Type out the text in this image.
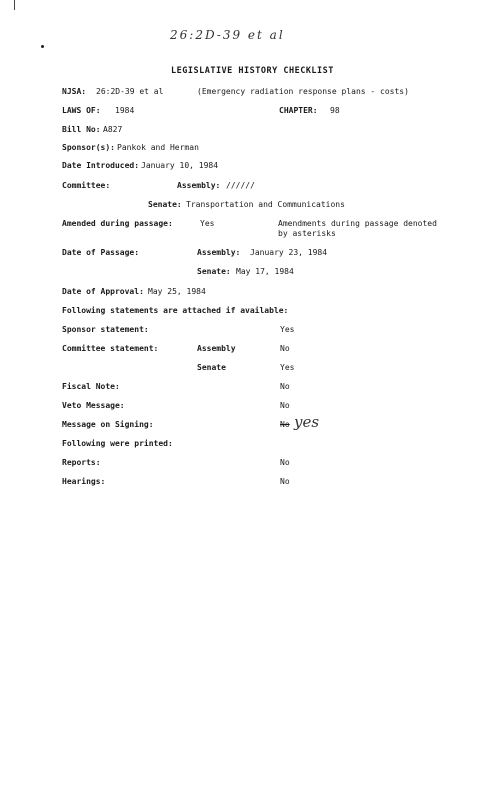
26:2D-39 et al
LEGISLATIVE HISTORY CHECKLIST
NJSA: 26:2D-39 et al	(Emergency radiation response plans - costs)
LAWS OF: 1984	CHAPTER: 98
Bill No: A827
Sponsor(s): Pankok and Herman
Date Introduced: January 10, 1984
Committee:	Assembly: //////
Senate: Transportation and Communications
Amended during passage:	Yes	Amendments during passage denoted
by asterisks
Date of Passage:	Assembly: January 23, 1984
Senate: May 17, 1984
Date of Approval: May 25, 1984
Following statements are attached if available:
Sponsor statement:	Yes
Committee statement:	Assembly	No
Senate	Yes
Fiscal Note:	No
Veto Message:	No
Message on Signing:	No yes
Following were printed:
Reports:	No
Hearings:	No
